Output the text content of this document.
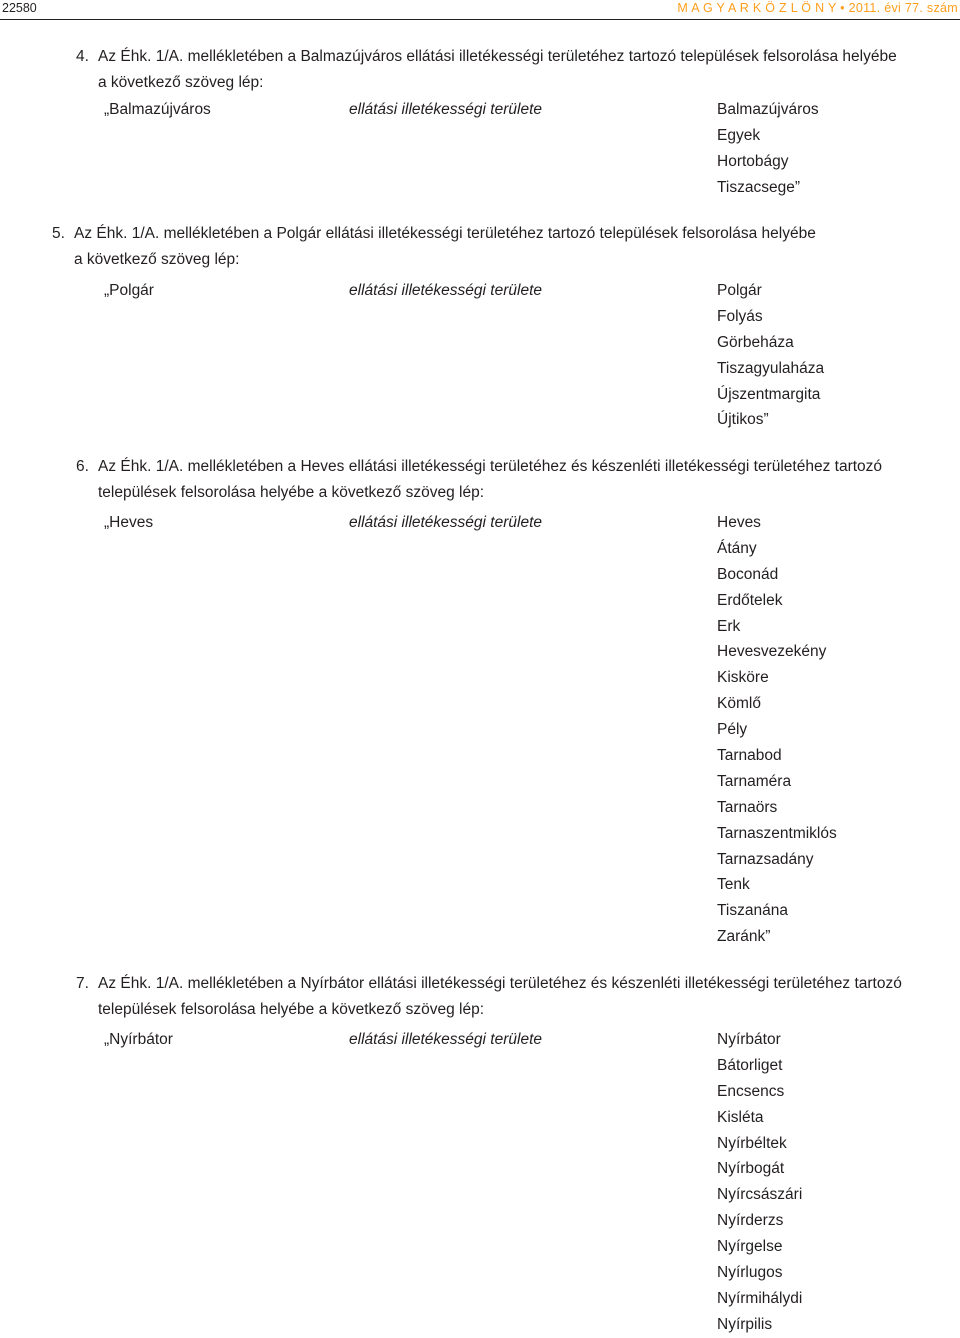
22580	M A G Y A R K Ö Z L Ö N Y • 2011. évi 77. szám
4. Az Éhk. 1/A. mellékletében a Balmazújváros ellátási illetékességi területéhez tartozó települések felsorolása helyébe
a következő szöveg lép:
„Balmazújváros	ellátási illetékességi területe	Balmazújváros
Egyek
Hortobágy
Tiszacsege”
5. Az Éhk. 1/A. mellékletében a Polgár ellátási illetékességi területéhez tartozó települések felsorolása helyébe
a következő szöveg lép:
„Polgár	ellátási illetékességi területe	Polgár
Folyás
Görbeháza
Tiszagyulaháza
Újszentmargita
Újtikos”
6. Az Éhk. 1/A. mellékletében a Heves ellátási illetékességi területéhez és készenléti illetékességi területéhez tartozó
települések felsorolása helyébe a következő szöveg lép:
„Heves	ellátási illetékességi területe	Heves
Átány
Boconád
Erdőtelek
Erk
Hevesvezekény
Kisköre
Kömlő
Pély
Tarnabod
Tarnaméra
Tarnaörs
Tarnaszentmiklós
Tarnazsadány
Tenk
Tiszanána
Zaránk”
7. Az Éhk. 1/A. mellékletében a Nyírbátor ellátási illetékességi területéhez és készenléti illetékességi területéhez tartozó
települések felsorolása helyébe a következő szöveg lép:
„Nyírbátor	ellátási illetékességi területe	Nyírbátor
Bátorliget
Encsencs
Kisléta
Nyírbéltek
Nyírbogát
Nyírcsászári
Nyírderzs
Nyírgelse
Nyírlugos
Nyírmihálydi
Nyírpilis
